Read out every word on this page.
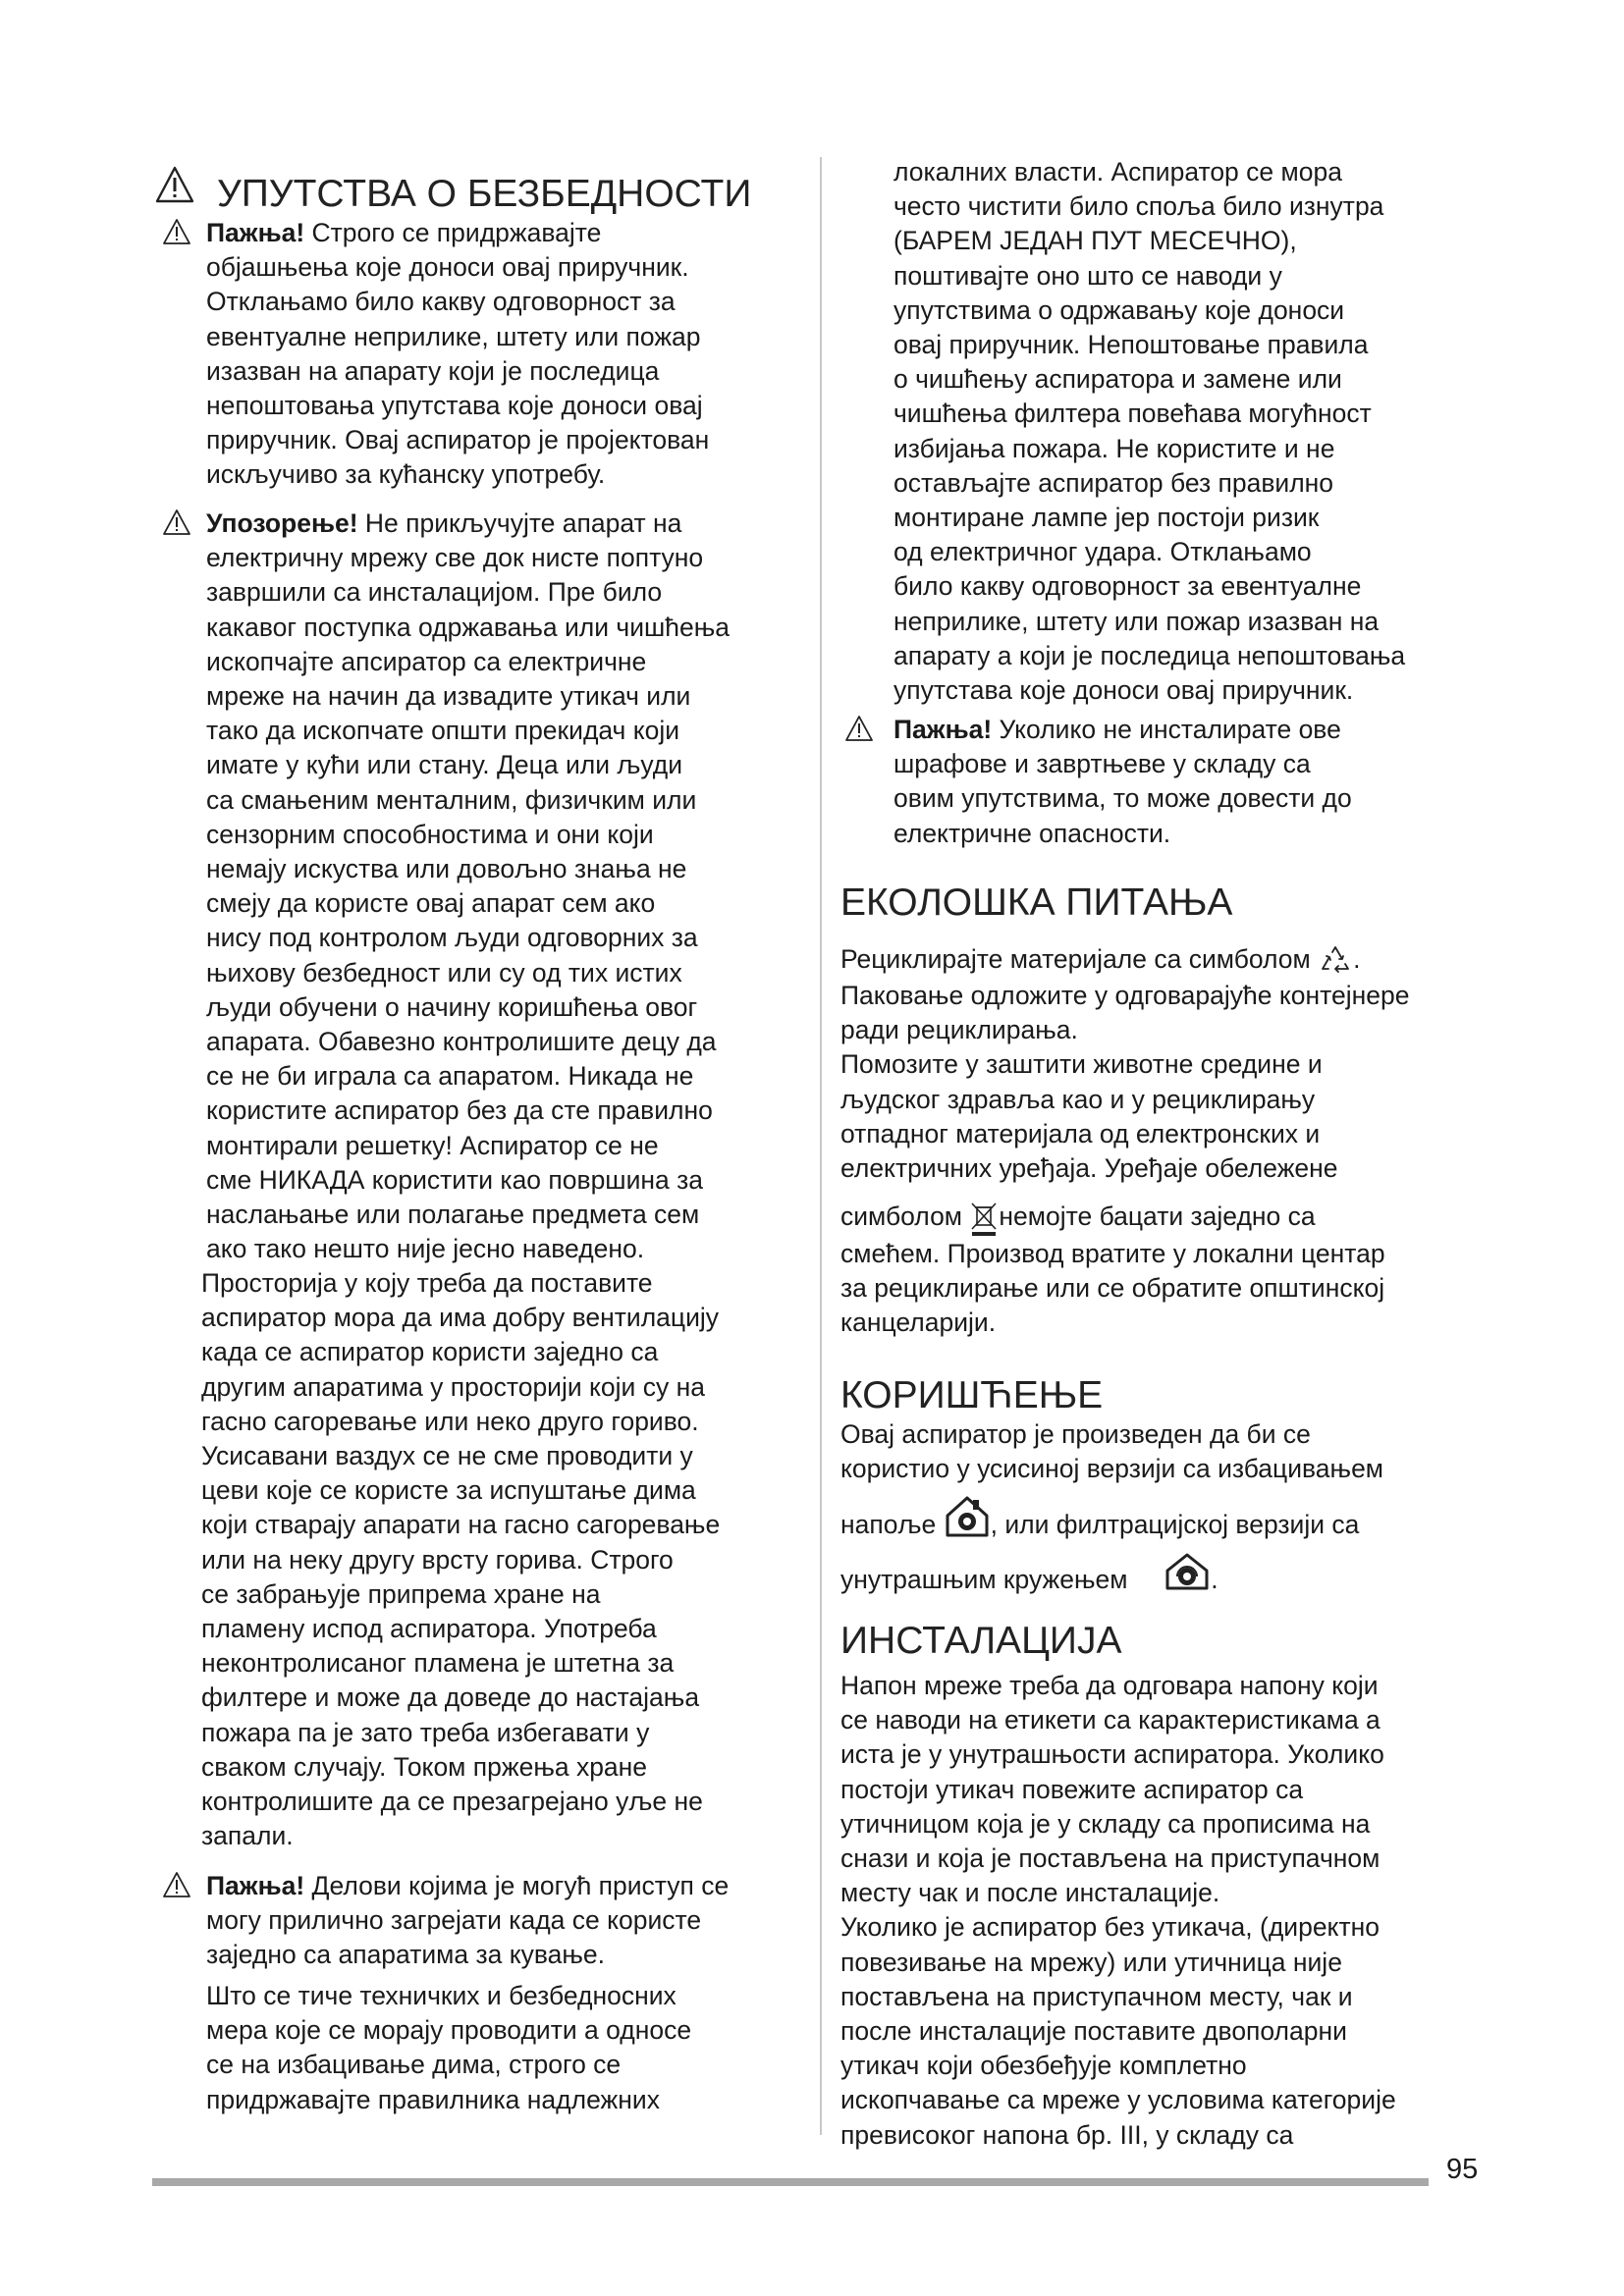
УПУТСТВА О БЕЗБЕДНОСТИ

Пажња! Строго се придржавајте
објашњења које доноси овај приручник.
Отклањамо било какву одговорност за
евентуалне неприлике, штету или пожар
изазван на апарату који је последица
непоштовања упутстава које доноси овај
приручник. Овај аспиратор је пројектован
искључиво за кућанску употребу.

Упозорење! Не прикључујте апарат на
електричну мрежу све док нисте поптуно
завршили са инсталацијом. Пре било
какавог поступка одржавања или чишћења
ископчајте апсиратор са електричне
мреже на начин да извадите утикач или
тако да ископчате општи прекидач који
имате у кући или стану. Деца или људи
са смањеним менталним, физичким или
сензорним способностима и они који
немају искуства или довољно знања не
смеју да користе овај апарат сем ако
нису под контролом људи одговорних за
њихову безбедност или су од тих истих
људи обучени о начину коришћења овог
апарата. Обавезно контролишите децу да
се не би играла са апаратом. Никада не
користите аспиратор без да сте правилно
монтирали решетку! Аспиратор се не
сме НИКАДА користити као површина за
наслањање или полагање предмета сем
ако тако нешто није јесно наведено.

Просторија у коју треба да поставите
аспиратор мора да има добру вентилацију
када се аспиратор користи заједно са
другим апаратима у просторији који су на
гасно сагоревање или неко друго гориво.
Усисавани ваздух се не сме проводити у
цеви које се користе за испуштање дима
који стварају апарати на гасно сагоревање
или на неку другу врсту горива. Строго
се забрањује припрема хране на
пламену испод аспиратора. Употреба
неконтролисаног пламена је штетна за
филтере и може да доведе до настајања
пожара па је зато треба избегавати у
сваком случају. Током пржења хране
контролишите да се презагрејано уље не
запали.

Пажња! Делови којима је могућ приступ се
могу прилично загрејати када се користе
заједно са апаратима за кување.

Што се тиче техничких и безбедносних
мера које се морају проводити а односе
се на избацивање дима, строго се
придржавајте правилника надлежних

локалних власти. Аспиратор се мора
често чистити било споља било изнутра
(БАРЕМ ЈЕДАН ПУТ МЕСЕЧНО),
поштивајте оно што се наводи у
упутствима о одржавању које доноси
овај приручник. Непоштовање правила
о чишћењу аспиратора и замене или
чишћења филтера повећава могућност
избијања пожара. Не користите и не
остављајте аспиратор без правилно
монтиране лампе јер постоји ризик
од електричног удара. Отклањамо
било какву одговорност за евентуалне
неприлике, штету или пожар изазван на
апарату а који је последица непоштовања
упутстава које доноси овај приручник.

Пажња! Уколико не инсталирате ове
шрафове и завртњеве у складу са
овим упутствима, то може довести до
електричне опасности.

ЕКОЛОШКА ПИТАЊА

Рециклирајте материјале са симболом .
Паковање одложите у одговарајуће контејнере
ради рециклирања.
Помозите у заштити животне средине и
људског здравља као и у рециклирању
отпадног материјала од електронских и
електричних уређаја. Уређаје обележене

симболом немојте бацати заједно са
смећем. Производ вратите у локални центар
за рециклирање или се обратите општинској
канцеларији.

КОРИШЋЕЊЕ

Овај аспиратор је произведен да би се
користио у усисиној верзији са избацивањем

напоље , или филтрацијској верзији са

унутрашњим кружењем	.

ИНСТАЛАЦИЈА

Напон мреже треба да одговара напону који
се наводи на етикети са карактеристикама а
иста је у унутрашњости аспиратора. Уколико
постоји утикач повежите аспиратор са
утичницом која је у складу са прописима на
снази и која је постављена на приступачном
месту чак и после инсталације.
Уколико је аспиратор без утикача, (директно
повезивање на мрежу) или утичница није
постављена на приступачном месту, чак и
после инсталације поставите двополарни
утикач који обезбеђује комплетно
ископчавање са мреже у условима категорије
превисоког напона бр. III, у складу са

95
